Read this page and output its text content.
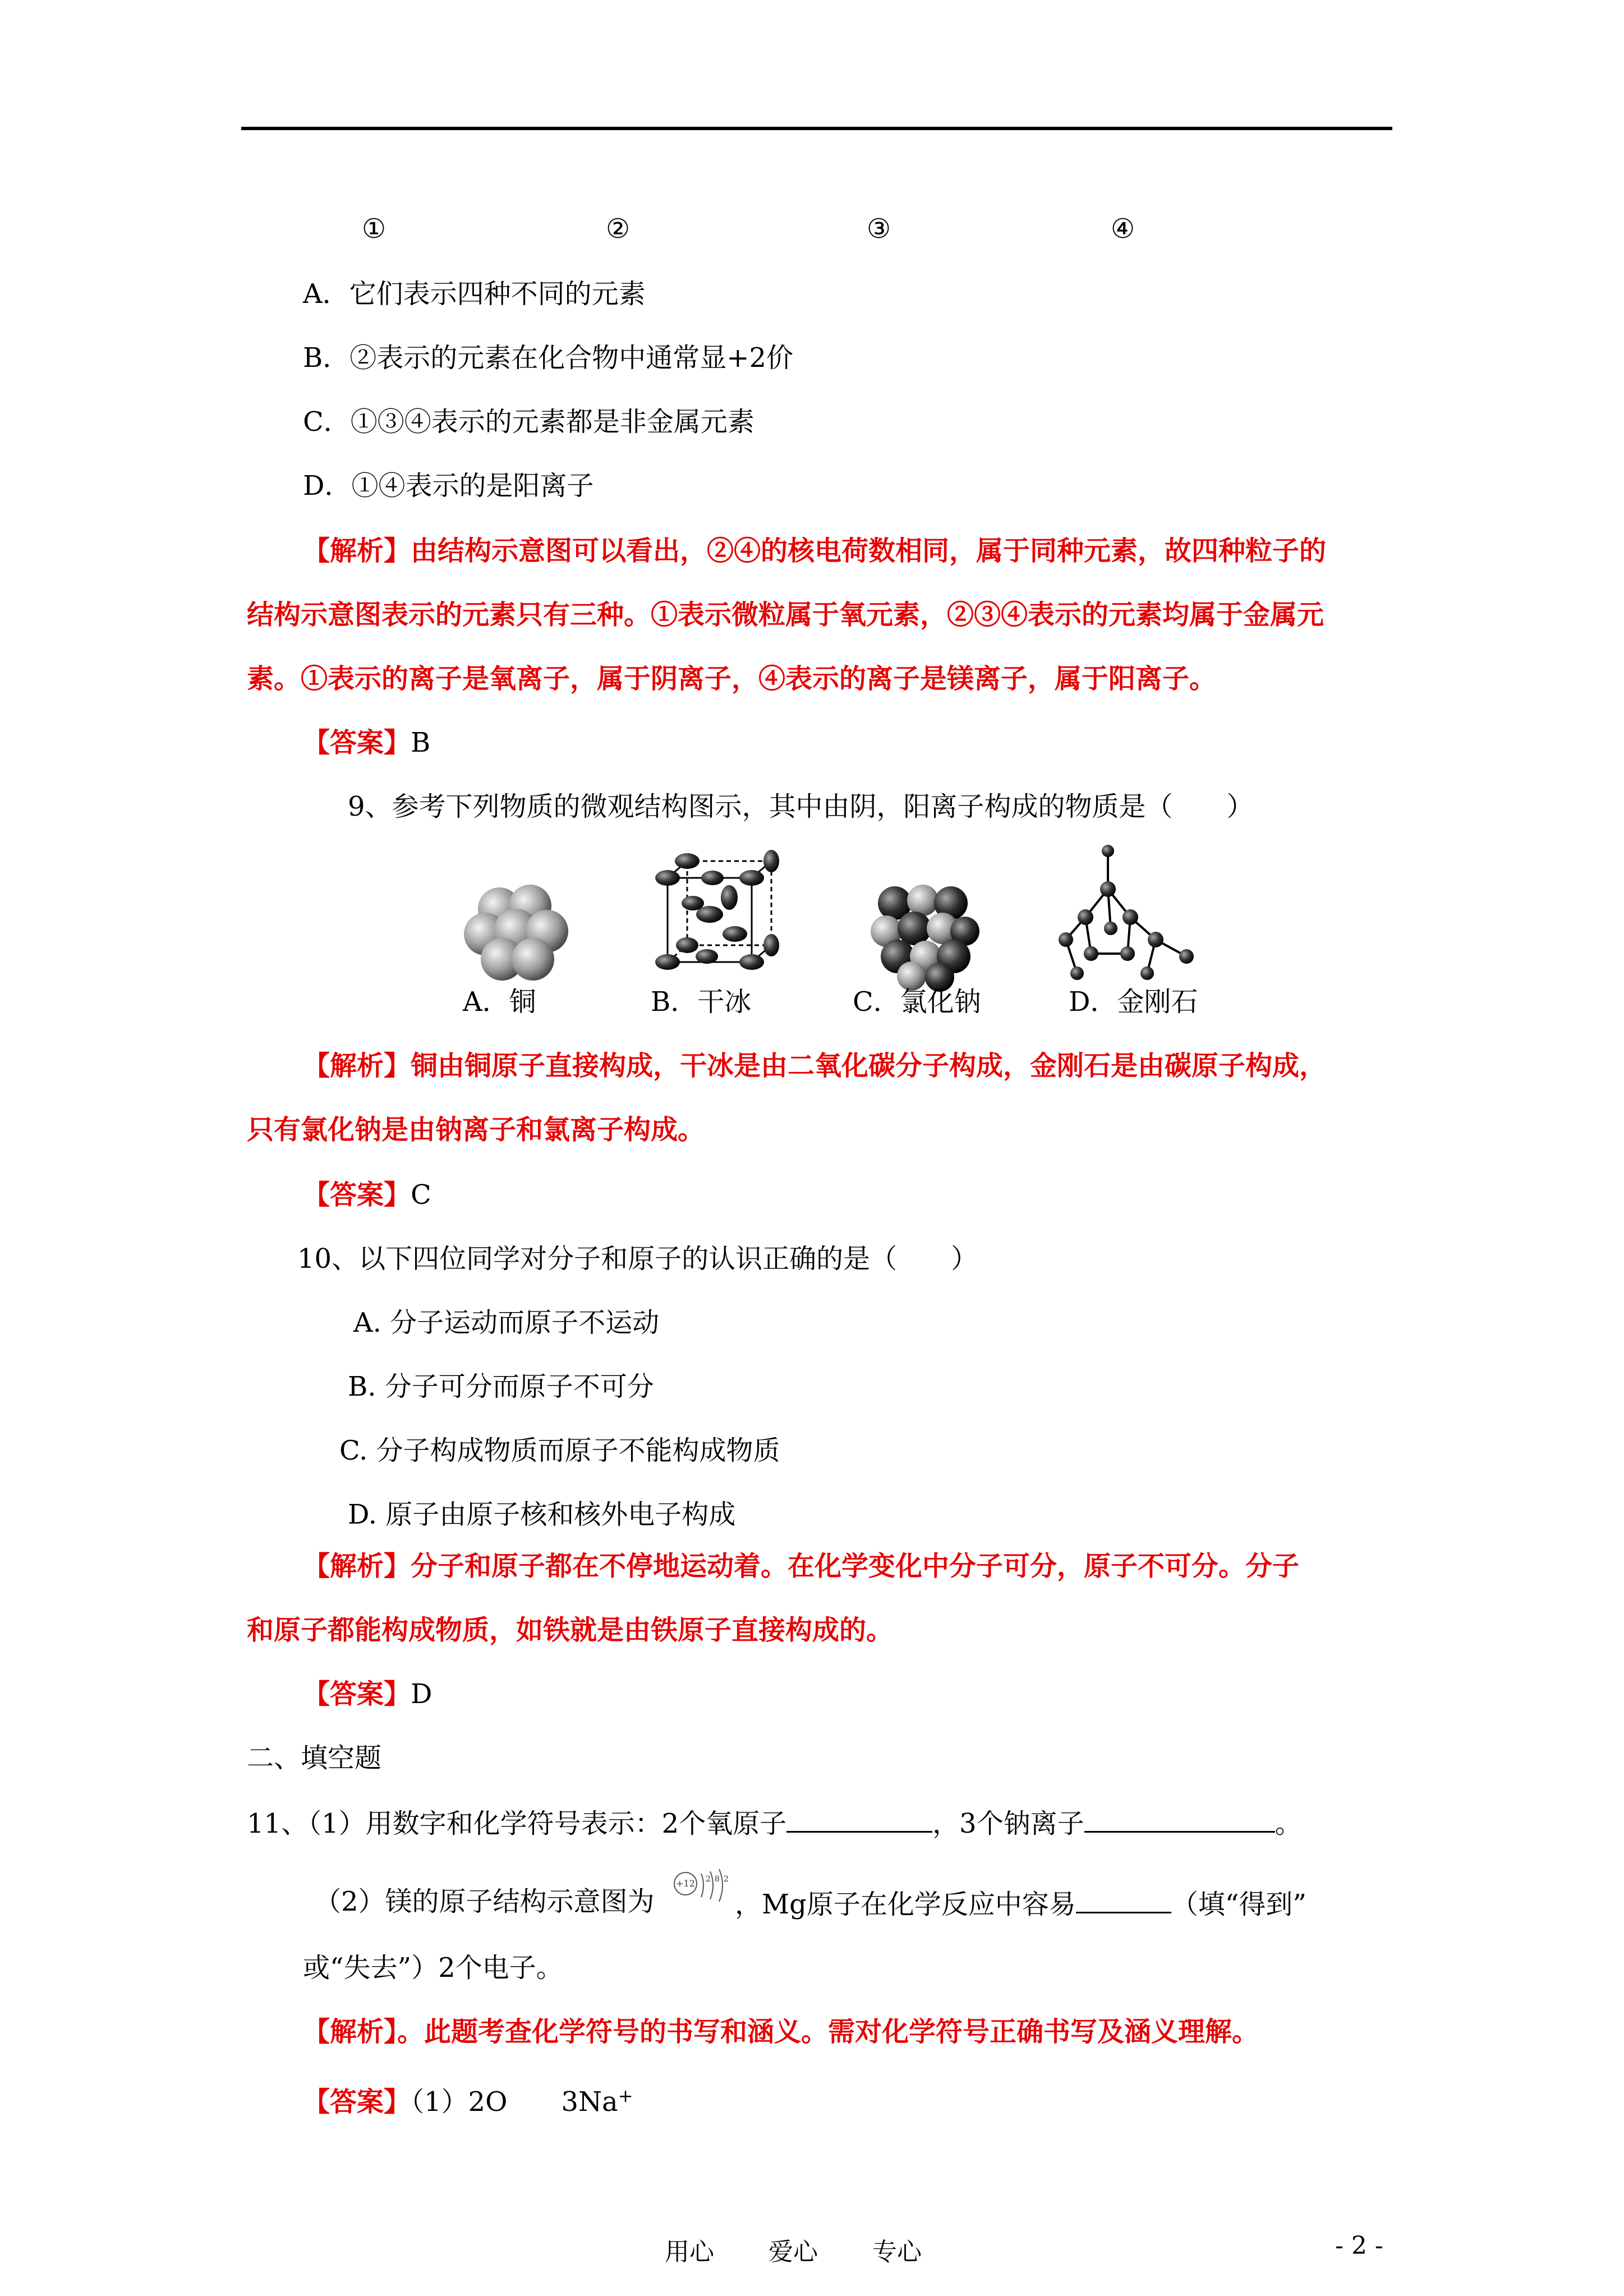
①	②	③	④
A．它们表示四种不同的元素
B．②表示的元素在化合物中通常显+2价
C．①③④表示的元素都是非金属元素
D．①④表示的是阳离子
【解析】由结构示意图可以看出，②④的核电荷数相同，属于同种元素，故四种粒子的
结构示意图表示的元素只有三种。①表示微粒属于氧元素，②③④表示的元素均属于金属元
素。①表示的离子是氧离子，属于阴离子，④表示的离子是镁离子，属于阳离子。
【答案】B
9、参考下列物质的微观结构图示，其中由阴，阳离子构成的物质是（　　）
A．铜	B．干冰	C．氯化钠	D．金刚石
【解析】铜由铜原子直接构成，干冰是由二氧化碳分子构成，金刚石是由碳原子构成，
只有氯化钠是由钠离子和氯离子构成。
【答案】C
10、以下四位同学对分子和原子的认识正确的是（　　）
A. 分子运动而原子不运动
B. 分子可分而原子不可分
C. 分子构成物质而原子不能构成物质
D. 原子由原子核和核外电子构成
【解析】分子和原子都在不停地运动着。在化学变化中分子可分，原子不可分。分子
和原子都能构成物质，如铁就是由铁原子直接构成的。
【答案】D
二、填空题
11、（1）用数字和化学符号表示：2个氧原子	，3个钠离子	。
（2）镁的原子结构示意图为
+12 2 8 2
，Mg原子在化学反应中容易	（填“得到”
或“失去”）2个电子。
【解析】。此题考查化学符号的书写和涵义。需对化学符号正确书写及涵义理解。
【答案】（1）2O　　3Na+
用心 爱心 专心	- 2 -
